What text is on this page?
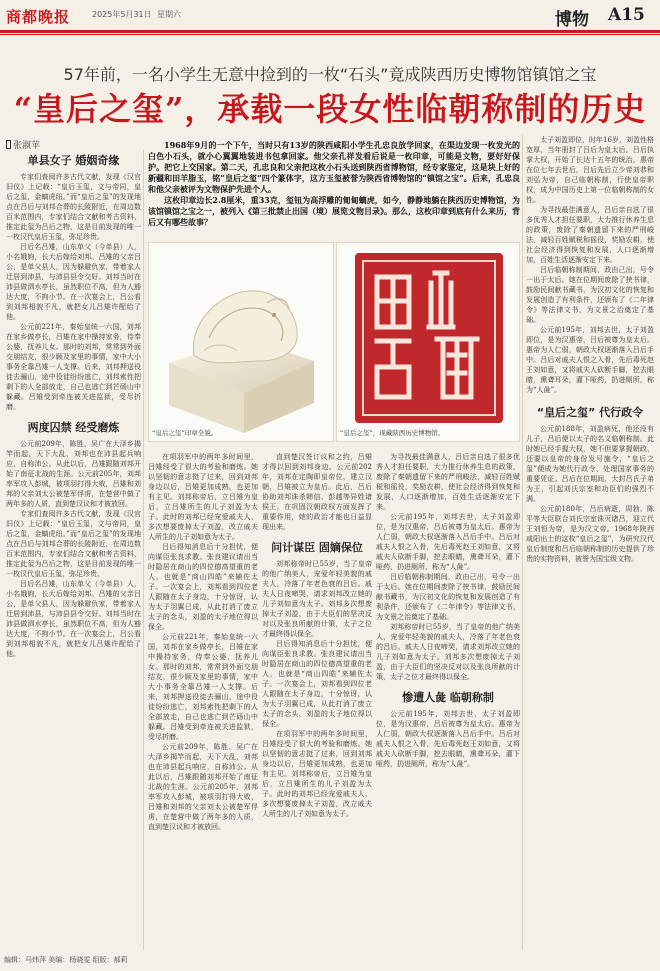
商都晚报	2025年5月31日 星期六	博物 A15
57年前，一名小学生无意中捡到的一枚“石头”竟成陕西历史博物馆镇馆之宝
“皇后之玺”，承载一段女性临朝称制的历史
张淑苹	1968年9月的一个下午，当时只有13岁的陕西咸阳小学生孔忠良放学回家，在渠边发现一枚发光的白色小石头，就小心翼翼地装进书包拿回家。他父亲孔祥发看后说是一枚印章，可能是文物，要好好保护。把它上交国家。第二天，孔忠良和父亲把这枚小石头送到陕西省博物馆，经专家鉴定，这是块上好的新疆和田羊脂玉，铭“皇后之玺”四个篆体字，这方玉玺被誉为陕西省博物馆的“镇馆之宝”。后来，孔忠良和他父亲被评为文物保护先进个人。

这枚印章边长2.8厘米，重33克，玺钮为高浮雕的匍匐螭虎，如今，静静地躺在陕西历史博物馆，为该馆镇馆之宝之一，被列入《第三批禁止出国（境）展览文物目录》。那么，这枚印章到底有什么来历，背后又有哪些故事？

“皇后之玺”印章全貌。	“皇后之玺”，现藏陕西历史博物馆。
单县女子 婚姻奇缘

专家们查阅许多古代文献，发现《汉官旧仪》上记载：“皇后玉玺，文与帝同，皇后之玺，金螭虎纽。”而“皇后之玺”的发现地点在吕后与刘邦合葬的长陵附近，在周边数百米范围内，专家们结合文献和考古资料，推定此玺为吕后之物，这是目前发现的唯一一枚汉代皇后玉玺，弥足珍贵。

吕后名吕雉，山东单父（今单县）人，小名娥姁，长大后嫁给刘邦。吕雉的父亲吕公，是单父县人，因为躲避仇家，带着家人迁居到沛县，与沛县县令交好。刘邦当时在沛县做泗水亭长，虽然职位不高，但为人豁达大度，不拘小节。在一次宴会上，吕公看到刘邦相貌不凡，就把女儿吕雉许配给了他。

公元前221年，秦始皇统一六国，刘邦在家乡做亭长，吕雉在家中操持家务，侍奉公婆，抚养儿女。那时的刘邦，常常到外面交朋结友，很少顾及家里的事情，家中大小事务全靠吕雉一人支撑。后来，刘邦押送役徒去骊山，途中役徒纷纷逃亡，刘邦索性把剩下的人全部放走，自己也逃亡到芒砀山中躲藏。吕雉受到牵连被关进监狱，受尽折磨。

两度囚禁 经受磨炼

公元前209年，陈胜、吴广在大泽乡揭竿而起，天下大乱，刘邦也在沛县起兵响应，自称沛公。从此以后，吕雉跟随刘邦开始了南征北战的生涯。公元前205年，刘邦率军攻入彭城，被项羽打得大败，吕雉和刘邦的父亲刘太公被楚军俘虏，在楚营中做了两年多的人质，直到楚汉议和才被放回。

专家们查阅许多古代文献，发现《汉官旧仪》上记载：“皇后玉玺，文与帝同，皇后之玺，金螭虎纽。”而“皇后之玺”的发现地点在吕后与刘邦合葬的长陵附近，在周边数百米范围内，专家们结合文献和考古资料，推定此玺为吕后之物，这是目前发现的唯一一枚汉代皇后玉玺，弥足珍贵。

吕后名吕雉，山东单父（今单县）人，小名娥姁，长大后嫁给刘邦。吕雉的父亲吕公，是单父县人，因为躲避仇家，带着家人迁居到沛县，与沛县县令交好。刘邦当时在沛县做泗水亭长，虽然职位不高，但为人豁达大度，不拘小节。在一次宴会上，吕公看到刘邦相貌不凡，就把女儿吕雉许配给了他。

在项羽军中的两年多时间里，吕雉经受了很大的考验和磨炼。她以坚韧的意志挺了过来，回到刘邦身边以后，吕雉更加成熟，也更加有主见。刘邦称帝后，立吕雉为皇后，立吕雉所生的儿子刘盈为太子。此时的刘邦已经宠爱戚夫人，多次想要废掉太子刘盈，改立戚夫人所生的儿子刘如意为太子。

吕后得知消息后十分担忧，便向谋臣张良求教。张良建议请出当时隐居在商山的四位德高望重的老人，也就是“商山四皓”来辅佐太子。一次宴会上，刘邦看到四位老人跟随在太子身边，十分惊讶，认为太子羽翼已成，从此打消了废立太子的念头，刘盈的太子地位得以保全。

公元前221年，秦始皇统一六国，刘邦在家乡做亭长，吕雉在家中操持家务，侍奉公婆，抚养儿女。那时的刘邦，常常到外面交朋结友，很少顾及家里的事情，家中大小事务全靠吕雉一人支撑。后来，刘邦押送役徒去骊山，途中役徒纷纷逃亡，刘邦索性把剩下的人全部放走，自己也逃亡到芒砀山中躲藏。吕雉受到牵连被关进监狱，受尽折磨。

公元前209年，陈胜、吴广在大泽乡揭竿而起，天下大乱，刘邦也在沛县起兵响应，自称沛公。从此以后，吕雉跟随刘邦开始了南征北战的生涯。公元前205年，刘邦率军攻入彭城，被项羽打得大败，吕雉和刘邦的父亲刘太公被楚军俘虏，在楚营中做了两年多的人质，直到楚汉议和才被放回。

直到楚汉签订议和之约，吕雉才得以回到刘邦身边。公元前202年，刘邦在定陶即皇帝位，建立汉朝，吕雉被立为皇后。此后，吕后协助刘邦诛杀韩信、彭越等异姓诸侯王，在巩固汉朝政权方面发挥了重要作用，她的政治才能也日益显现出来。

问计谋臣 固嫡保位

刘邦称帝时已55岁，当了皇帝的他广纳美人，宠爱年轻美貌的戚夫人，冷落了年老色衰的吕后。戚夫人日夜啼哭，请求刘邦改立她的儿子刘如意为太子。刘邦多次想废掉太子刘盈，由于大臣们的坚决反对以及张良所献的计策，太子之位才最终得以保全。

吕后得知消息后十分担忧，便向谋臣张良求教。张良建议请出当时隐居在商山的四位德高望重的老人，也就是“商山四皓”来辅佐太子。一次宴会上，刘邦看到四位老人跟随在太子身边，十分惊讶，认为太子羽翼已成，从此打消了废立太子的念头，刘盈的太子地位得以保全。

在项羽军中的两年多时间里，吕雉经受了很大的考验和磨炼。她以坚韧的意志挺了过来，回到刘邦身边以后，吕雉更加成熟，也更加有主见。刘邦称帝后，立吕雉为皇后，立吕雉所生的儿子刘盈为太子。此时的刘邦已经宠爱戚夫人，多次想要废掉太子刘盈，改立戚夫人所生的儿子刘如意为太子。

为寻找最佳满意人，吕后亲自选了很多优秀人才担任要职，大力推行休养生息的政策，废除了秦朝遗留下来的严刑峻法，减轻百姓赋税和徭役，奖励农耕，使社会经济得到恢复和发展，人口逐渐增加，百姓生活逐渐安定下来。

公元前195年，刘邦去世，太子刘盈即位，是为汉惠帝，吕后被尊为皇太后。惠帝为人仁弱，朝政大权逐渐落入吕后手中。吕后对戚夫人恨之入骨，先后毒死赵王刘如意，又将戚夫人砍断手脚，挖去眼睛，熏聋耳朵，灌下哑药，扔进厕所，称为“人彘”。

吕后临朝称制期间，政由己出，号令一出于太后。她在位期间废除了挟书律，鼓励民间献书藏书，为汉初文化的恢复和发展创造了有利条件，还颁布了《二年律令》等法律文书，为文景之治奠定了基础。

刘邦称帝时已55岁，当了皇帝的他广纳美人，宠爱年轻美貌的戚夫人，冷落了年老色衰的吕后。戚夫人日夜啼哭，请求刘邦改立她的儿子刘如意为太子。刘邦多次想废掉太子刘盈，由于大臣们的坚决反对以及张良所献的计策，太子之位才最终得以保全。

惨遭人彘 临朝称制

公元前195年，刘邦去世，太子刘盈即位，是为汉惠帝，吕后被尊为皇太后。惠帝为人仁弱，朝政大权逐渐落入吕后手中。吕后对戚夫人恨之入骨，先后毒死赵王刘如意，又将戚夫人砍断手脚，挖去眼睛，熏聋耳朵，灌下哑药，扔进厕所，称为“人彘”。

太子刘盈即位，时年16岁，刘盈性格宽厚，当年册封了吕后为皇太后。吕后执掌大权，开始了长达十五年的统治，惠帝在位七年去世后，吕后先后立少帝刘恭和刘弘为帝，自己临朝称制，行使皇帝职权，成为中国历史上第一位临朝称制的女性。

为寻找最佳满意人，吕后亲自选了很多优秀人才担任要职，大力推行休养生息的政策，废除了秦朝遗留下来的严刑峻法，减轻百姓赋税和徭役，奖励农耕，使社会经济得到恢复和发展，人口逐渐增加，百姓生活逐渐安定下来。

吕后临朝称制期间，政由己出，号令一出于太后。她在位期间废除了挟书律，鼓励民间献书藏书，为汉初文化的恢复和发展创造了有利条件，还颁布了《二年律令》等法律文书，为文景之治奠定了基础。

公元前195年，刘邦去世，太子刘盈即位，是为汉惠帝，吕后被尊为皇太后。惠帝为人仁弱，朝政大权逐渐落入吕后手中。吕后对戚夫人恨之入骨，先后毒死赵王刘如意，又将戚夫人砍断手脚，挖去眼睛，熏聋耳朵，灌下哑药，扔进厕所，称为“人彘”。

“皇后之玺” 代行政令

公元前188年，刘盈病死，他还没有儿子，吕后便以太子的名义临朝称制。此时她已经手握大权，她不但要掌握朝政，还要以皇帝的身份发号施令，“皇后之玺”便成为她代行政令、处理国家事务的重要凭证。吕后在位期间，大封吕氏子弟为王，引起刘氏宗室和功臣们的强烈不满。

公元前180年，吕后病逝，周勃、陈平等大臣联合刘氏宗室诛灭诸吕，迎立代王刘恒为帝，是为汉文帝。1968年陕西咸阳出土的这枚“皇后之玺”，为研究汉代皇后制度和吕后临朝称制的历史提供了珍贵的实物资料，被誉为国宝级文物。

编辑：马炜萍 美编：杨晓雯 组版：郝莉
